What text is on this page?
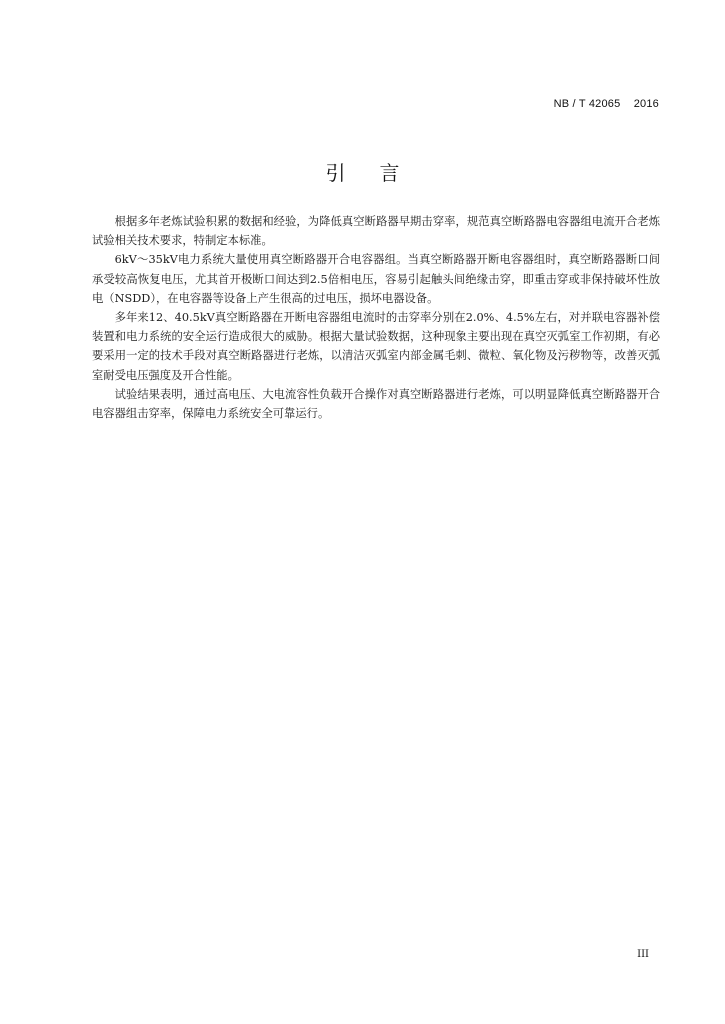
NB / T 42065 2016
引言

根据多年老炼试验积累的数据和经验，为降低真空断路器早期击穿率，规范真空断路器电容器组电流开合老炼试验相关技术要求，特制定本标准。

6kV～35kV电力系统大量使用真空断路器开合电容器组。当真空断路器开断电容器组时，真空断路器断口间承受较高恢复电压，尤其首开极断口间达到2.5倍相电压，容易引起触头间绝缘击穿，即重击穿或非保持破坏性放电（NSDD），在电容器等设备上产生很高的过电压，损坏电器设备。

多年来12、40.5kV真空断路器在开断电容器组电流时的击穿率分别在2.0%、4.5%左右，对并联电容器补偿装置和电力系统的安全运行造成很大的威胁。根据大量试验数据，这种现象主要出现在真空灭弧室工作初期，有必要采用一定的技术手段对真空断路器进行老炼，以清洁灭弧室内部金属毛刺、微粒、氧化物及污秽物等，改善灭弧室耐受电压强度及开合性能。

试验结果表明，通过高电压、大电流容性负载开合操作对真空断路器进行老炼，可以明显降低真空断路器开合电容器组击穿率，保障电力系统安全可靠运行。

III
